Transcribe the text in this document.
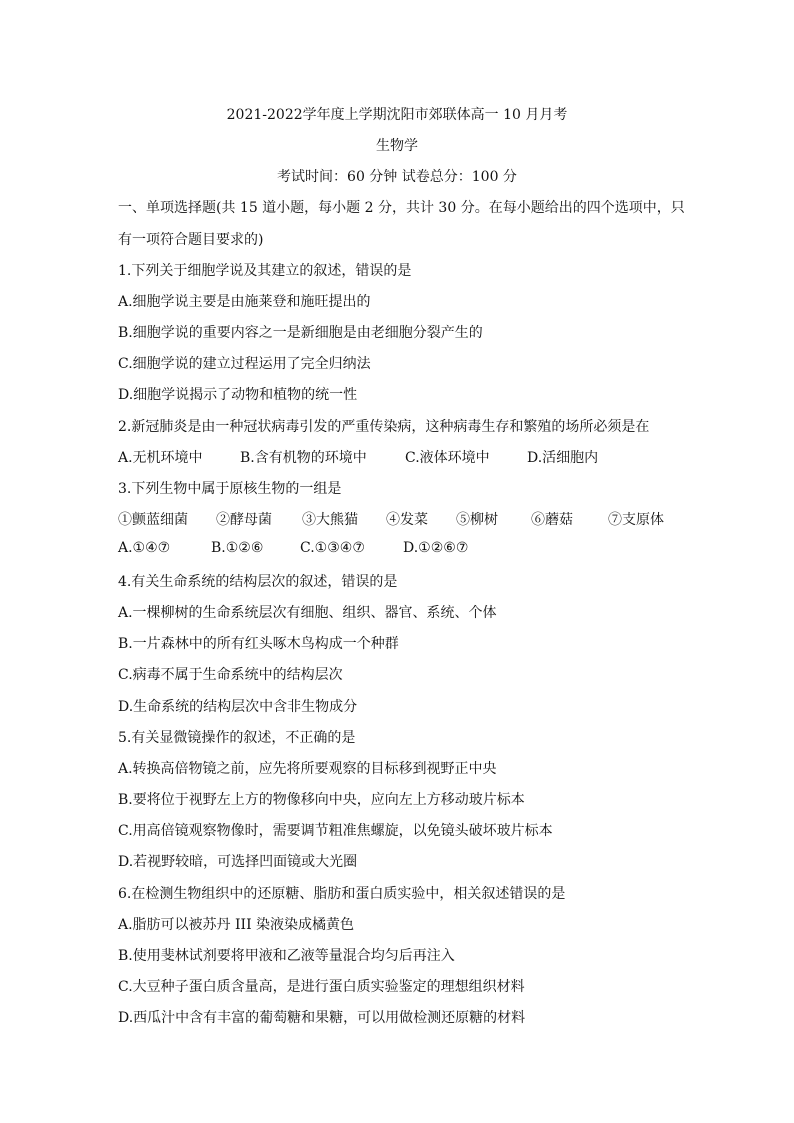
2021-2022学年度上学期沈阳市郊联体高一 10 月月考
生物学
考试时间：60 分钟 试卷总分：100 分
一、单项选择题(共 15 道小题，每小题 2 分，共计 30 分。在每小题给出的四个选项中，只
有一项符合题目要求的)
1.下列关于细胞学说及其建立的叙述，错误的是
A.细胞学说主要是由施莱登和施旺提出的
B.细胞学说的重要内容之一是新细胞是由老细胞分裂产生的
C.细胞学说的建立过程运用了完全归纳法
D.细胞学说揭示了动物和植物的统一性
2.新冠肺炎是由一种冠状病毒引发的严重传染病，这种病毒生存和繁殖的场所必须是在
A.无机环境中	B.含有机物的环境中	C.液体环境中	D.活细胞内
3.下列生物中属于原核生物的一组是
①颤蓝细菌 ②酵母菌 ③大熊猫 ④发菜 ⑤柳树 ⑥蘑菇	⑦支原体
A.①④⑦	B.①②⑥	C.①③④⑦	D.①②⑥⑦
4.有关生命系统的结构层次的叙述，错误的是
A.一棵柳树的生命系统层次有细胞、组织、器官、系统、个体
B.一片森林中的所有红头啄木鸟构成一个种群
C.病毒不属于生命系统中的结构层次
D.生命系统的结构层次中含非生物成分
5.有关显微镜操作的叙述，不正确的是
A.转换高倍物镜之前，应先将所要观察的目标移到视野正中央
B.要将位于视野左上方的物像移向中央，应向左上方移动玻片标本
C.用高倍镜观察物像时，需要调节粗准焦螺旋，以免镜头破坏玻片标本
D.若视野较暗，可选择凹面镜或大光圈
6.在检测生物组织中的还原糖、脂肪和蛋白质实验中，相关叙述错误的是
A.脂肪可以被苏丹 III 染液染成橘黄色
B.使用斐林试剂要将甲液和乙液等量混合均匀后再注入
C.大豆种子蛋白质含量高，是进行蛋白质实验鉴定的理想组织材料
D.西瓜汁中含有丰富的葡萄糖和果糖，可以用做检测还原糖的材料
